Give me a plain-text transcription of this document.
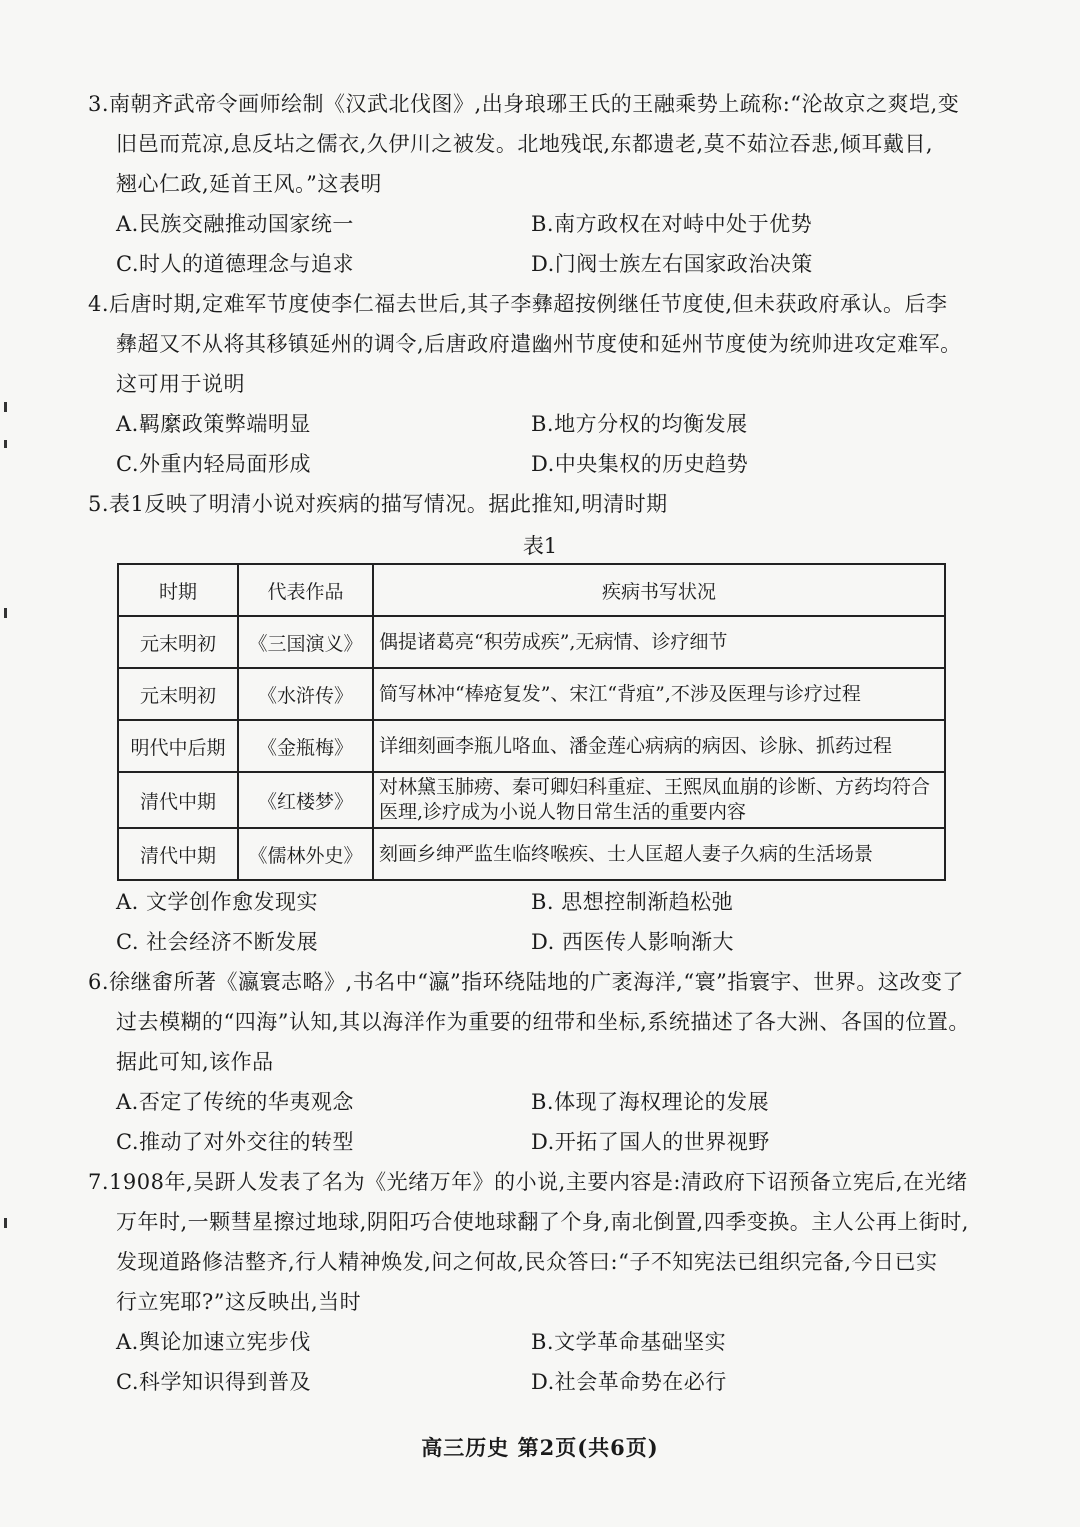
3.南朝齐武帝令画师绘制《汉武北伐图》,出身琅琊王氏的王融乘势上疏称:“沦故京之爽垲,变
旧邑而荒凉,息反坫之儒衣,久伊川之被发。北地残氓,东都遗老,莫不茹泣吞悲,倾耳戴目,
翘心仁政,延首王风。”这表明

A.民族交融推动国家统一	B.南方政权在对峙中处于优势
C.时人的道德理念与追求	D.门阀士族左右国家政治决策

4.后唐时期,定难军节度使李仁福去世后,其子李彝超按例继任节度使,但未获政府承认。后李
彝超又不从将其移镇延州的调令,后唐政府遣幽州节度使和延州节度使为统帅进攻定难军。
这可用于说明

A.羁縻政策弊端明显	B.地方分权的均衡发展
C.外重内轻局面形成	D.中央集权的历史趋势

5.表1反映了明清小说对疾病的描写情况。据此推知,明清时期

表1
时期	代表作品	疾病书写状况
元末明初	《三国演义》	偶提诸葛亮“积劳成疾”,无病情、诊疗细节
元末明初	《水浒传》	简写林冲“棒疮复发”、宋江“背疽”,不涉及医理与诊疗过程
明代中后期	《金瓶梅》	详细刻画李瓶儿咯血、潘金莲心病病的病因、诊脉、抓药过程
清代中期	《红楼梦》	对林黛玉肺痨、秦可卿妇科重症、王熙凤血崩的诊断、方药均符合医理,诊疗成为小说人物日常生活的重要内容
清代中期	《儒林外史》	刻画乡绅严监生临终喉疾、士人匡超人妻子久病的生活场景
A. 文学创作愈发现实	B. 思想控制渐趋松弛
C. 社会经济不断发展	D. 西医传人影响渐大

6.徐继畬所著《瀛寰志略》,书名中“瀛”指环绕陆地的广袤海洋,“寰”指寰宇、世界。这改变了
过去模糊的“四海”认知,其以海洋作为重要的纽带和坐标,系统描述了各大洲、各国的位置。
据此可知,该作品

A.否定了传统的华夷观念	B.体现了海权理论的发展
C.推动了对外交往的转型	D.开拓了国人的世界视野

7.1908年,吴趼人发表了名为《光绪万年》的小说,主要内容是:清政府下诏预备立宪后,在光绪
万年时,一颗彗星擦过地球,阴阳巧合使地球翻了个身,南北倒置,四季变换。主人公再上街时,
发现道路修洁整齐,行人精神焕发,问之何故,民众答曰:“子不知宪法已组织完备,今日已实
行立宪耶?”这反映出,当时

A.舆论加速立宪步伐	B.文学革命基础坚实
C.科学知识得到普及	D.社会革命势在必行
高三历史 第2页(共6页)
